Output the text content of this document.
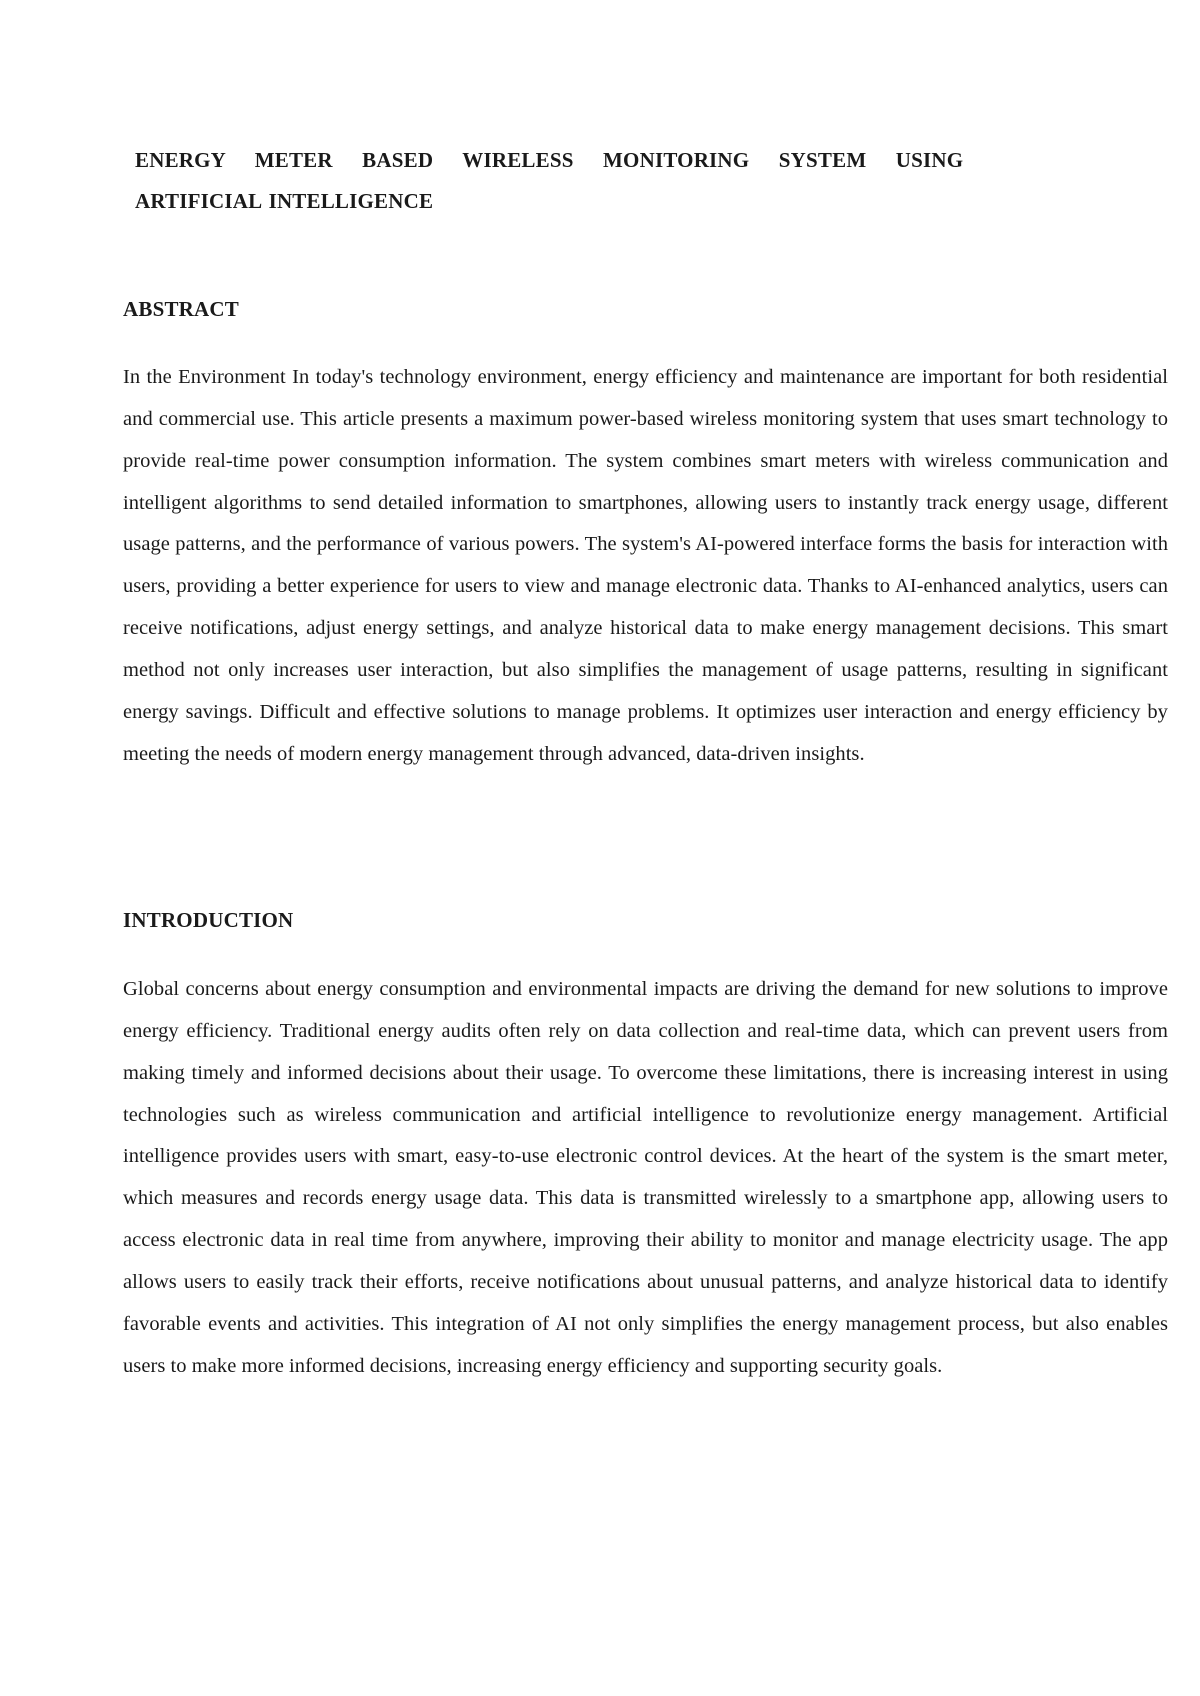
ENERGY METER BASED WIRELESS MONITORING SYSTEM USING
ARTIFICIAL INTELLIGENCE
ABSTRACT

In the Environment In today's technology environment, energy efficiency and maintenance are important for both residential and commercial use. This article presents a maximum power-based wireless monitoring system that uses smart technology to provide real-time power consumption information. The system combines smart meters with wireless communication and intelligent algorithms to send detailed information to smartphones, allowing users to instantly track energy usage, different usage patterns, and the performance of various powers. The system's AI-powered interface forms the basis for interaction with users, providing a better experience for users to view and manage electronic data. Thanks to AI-enhanced analytics, users can receive notifications, adjust energy settings, and analyze historical data to make energy management decisions. This smart method not only increases user interaction, but also simplifies the management of usage patterns, resulting in significant energy savings. Difficult and effective solutions to manage problems. It optimizes user interaction and energy efficiency by meeting the needs of modern energy management through advanced, data-driven insights.

INTRODUCTION

Global concerns about energy consumption and environmental impacts are driving the demand for new solutions to improve energy efficiency. Traditional energy audits often rely on data collection and real-time data, which can prevent users from making timely and informed decisions about their usage. To overcome these limitations, there is increasing interest in using technologies such as wireless communication and artificial intelligence to revolutionize energy management. Artificial intelligence provides users with smart, easy-to-use electronic control devices. At the heart of the system is the smart meter, which measures and records energy usage data. This data is transmitted wirelessly to a smartphone app, allowing users to access electronic data in real time from anywhere, improving their ability to monitor and manage electricity usage. The app allows users to easily track their efforts, receive notifications about unusual patterns, and analyze historical data to identify favorable events and activities. This integration of AI not only simplifies the energy management process, but also enables users to make more informed decisions, increasing energy efficiency and supporting security goals.
